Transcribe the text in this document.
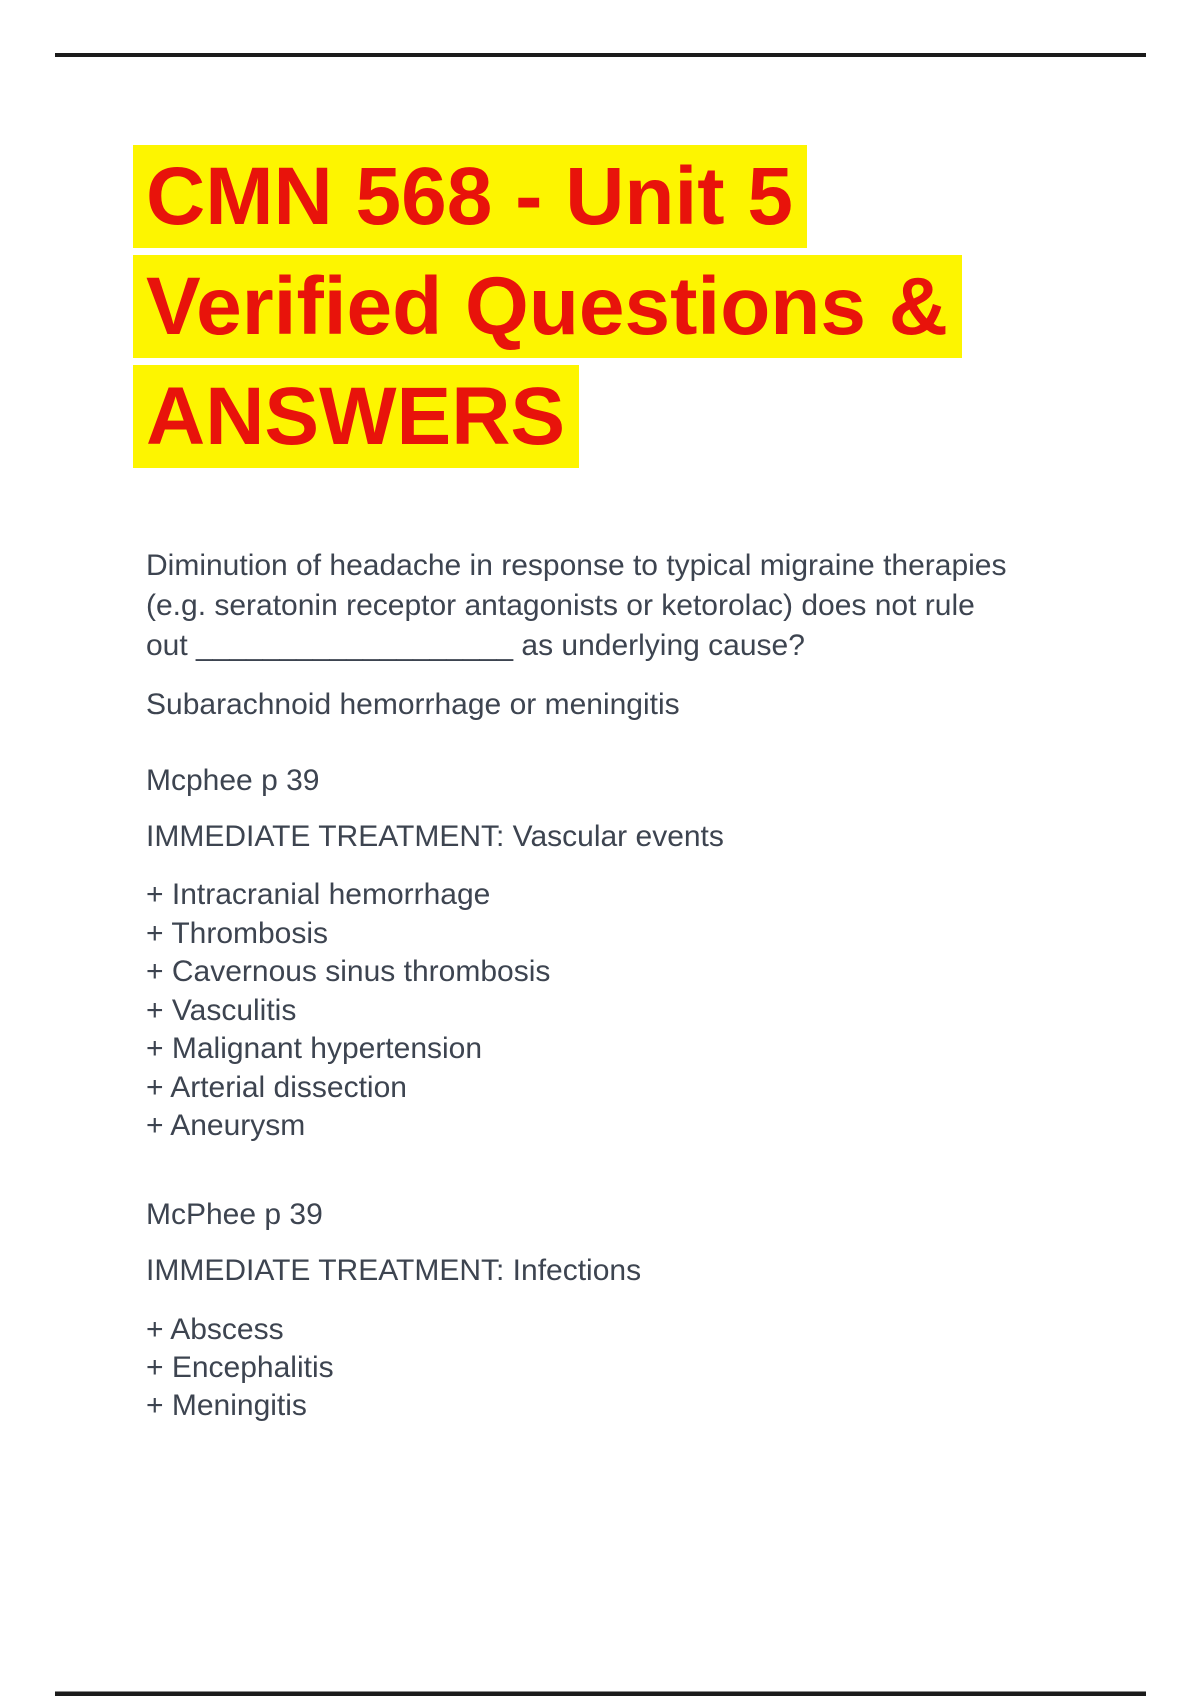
CMN 568 - Unit 5
Verified Questions &
ANSWERS
Diminution of headache in response to typical migraine therapies
(e.g. seratonin receptor antagonists or ketorolac) does not rule
out ___________________ as underlying cause?
Subarachnoid hemorrhage or meningitis
Mcphee p 39
IMMEDIATE TREATMENT: Vascular events
+ Intracranial hemorrhage
+ Thrombosis
+ Cavernous sinus thrombosis
+ Vasculitis
+ Malignant hypertension
+ Arterial dissection
+ Aneurysm
McPhee p 39
IMMEDIATE TREATMENT: Infections
+ Abscess
+ Encephalitis
+ Meningitis
